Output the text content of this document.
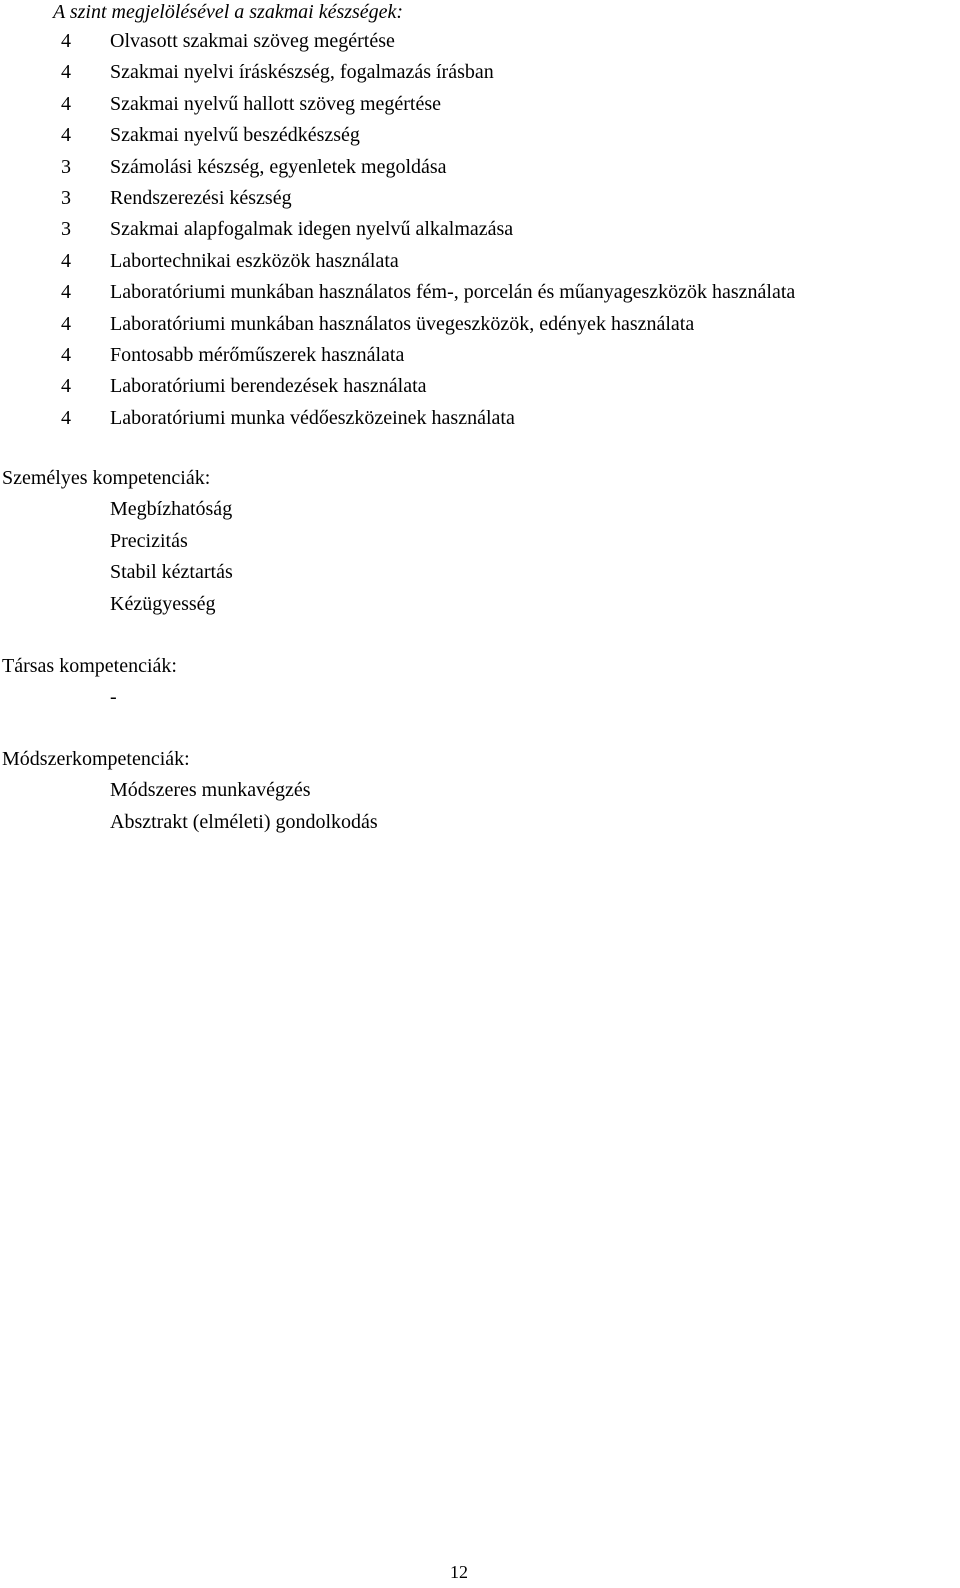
A szint megjelölésével a szakmai készségek:
4 Olvasott szakmai szöveg megértése
4 Szakmai nyelvi íráskészség, fogalmazás írásban
4 Szakmai nyelvű hallott szöveg megértése
4 Szakmai nyelvű beszédkészség
3 Számolási készség, egyenletek megoldása
3 Rendszerezési készség
3 Szakmai alapfogalmak idegen nyelvű alkalmazása
4 Labortechnikai eszközök használata
4 Laboratóriumi munkában használatos fém-, porcelán és műanyageszközök használata
4 Laboratóriumi munkában használatos üvegeszközök, edények használata
4 Fontosabb mérőműszerek használata
4 Laboratóriumi berendezések használata
4 Laboratóriumi munka védőeszközeinek használata
Személyes kompetenciák:
Megbízhatóság
Precizitás
Stabil kéztartás
Kézügyesség
Társas kompetenciák:
-
Módszerkompetenciák:
Módszeres munkavégzés
Absztrakt (elméleti) gondolkodás
12
